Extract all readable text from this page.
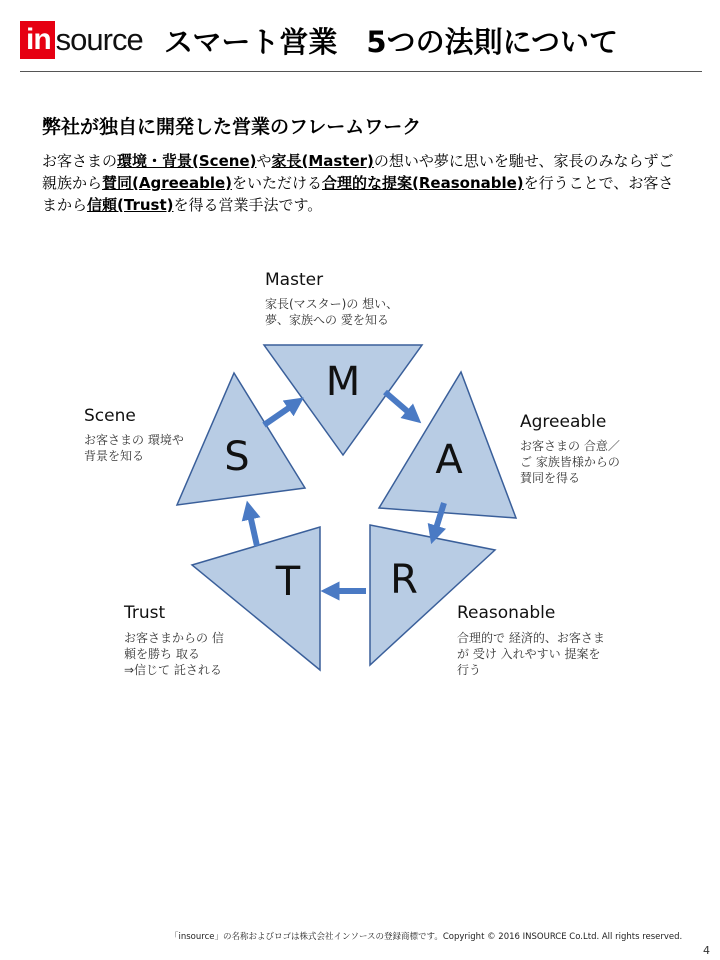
in source スマート営業　5つの法則について
弊社が独自に開発した営業のフレームワーク
お客さまの環境・背景(Scene)や家長(Master)の想いや夢に思いを馳せ、家長のみならずご親族から賛同(Agreeable)をいただける合理的な提案(Reasonable)を行うことで、お客さまから信頼(Trust)を得る営業手法です。
M
A
R
T
S
Master
家長(マスター)の 想い、
夢、家族への 愛を知る
Agreeable
お客さまの 合意／
ご 家族皆様からの
賛同を得る
Reasonable
合理的で 経済的、お客さま
が 受け 入れやすい 提案を
行う
Trust
お客さまからの 信
頼を勝ち 取る
⇒信じて 託される
Scene
お客さまの 環境や
背景を知る
「insource」の名称およびロゴは株式会社インソースの登録商標です。Copyright © 2016 INSOURCE Co.Ltd. All rights reserved.
4
